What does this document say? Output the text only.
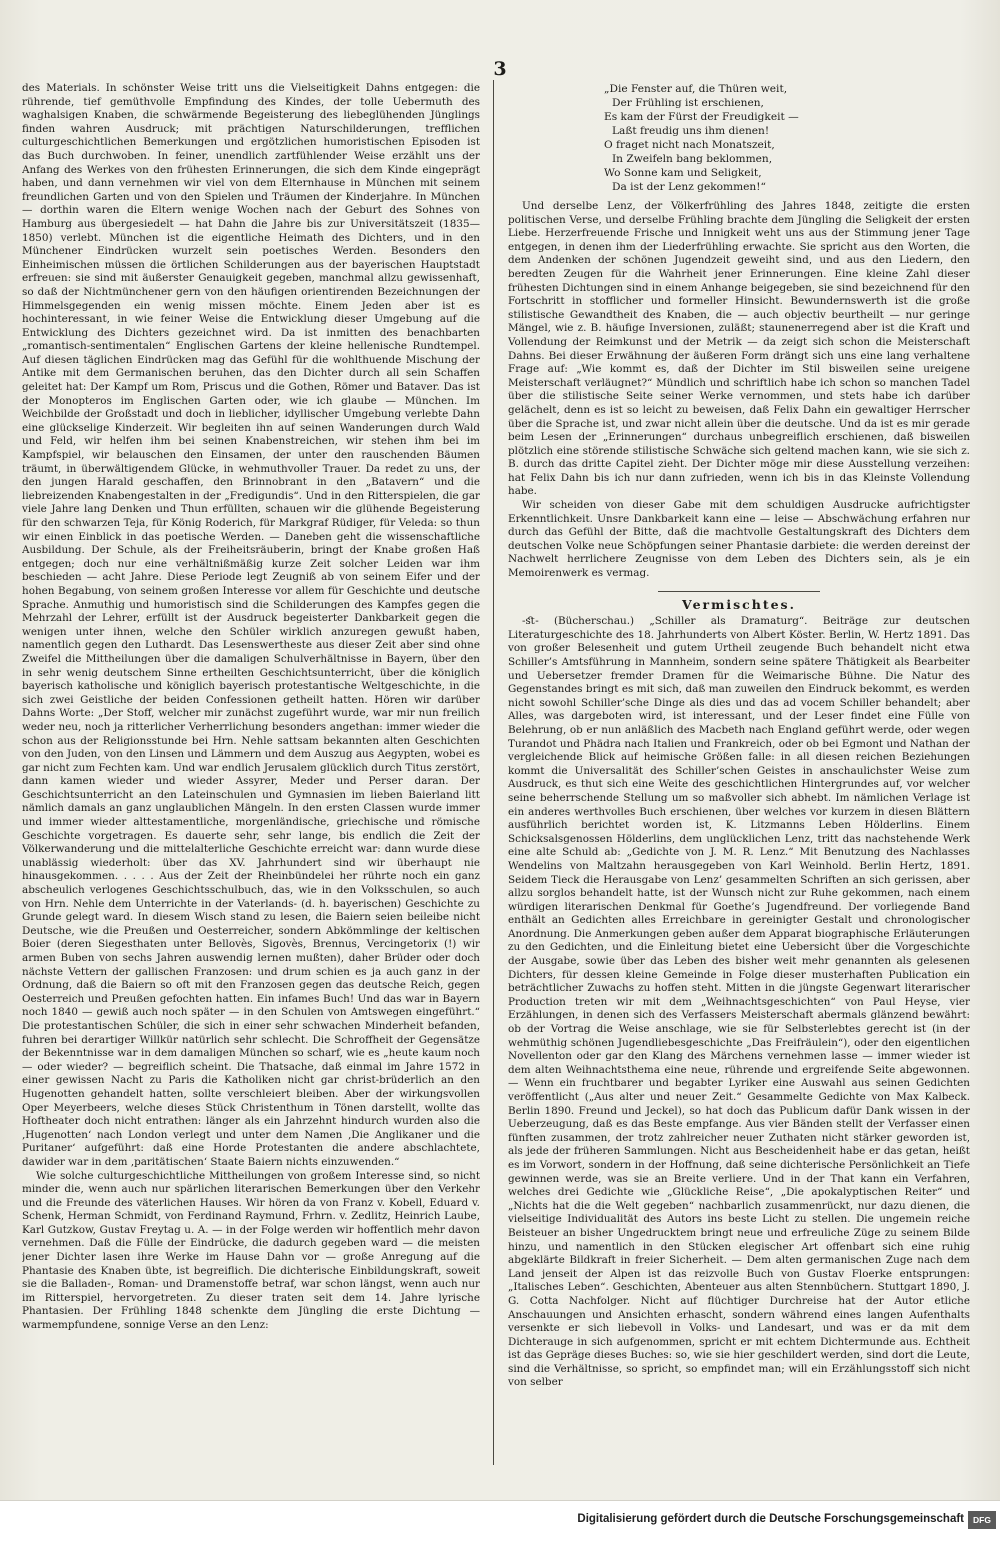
3

des Materials. In schönster Weise tritt uns die Vielseitigkeit Dahns entgegen: die rührende, tief gemüthvolle Empfindung des Kindes, der tolle Uebermuth des waghalsigen Knaben, die schwärmende Begeisterung des liebeglühenden Jünglings finden wahren Ausdruck; mit prächtigen Naturschilderungen, trefflichen culturgeschichtlichen Bemerkungen und ergötzlichen humoristischen Episoden ist das Buch durchwoben. In feiner, unendlich zartfühlender Weise erzählt uns der Anfang des Werkes von den frühesten Erinnerungen, die sich dem Kinde eingeprägt haben, und dann vernehmen wir viel von dem Elternhause in München mit seinem freundlichen Garten und von den Spielen und Träumen der Kinderjahre. In München — dorthin waren die Eltern wenige Wochen nach der Geburt des Sohnes von Hamburg aus übergesiedelt — hat Dahn die Jahre bis zur Universitätszeit (1835—1850) verlebt. München ist die eigentliche Heimath des Dichters, und in den Münchener Eindrücken wurzelt sein poetisches Werden. Besonders den Einheimischen müssen die örtlichen Schilderungen aus der bayerischen Hauptstadt erfreuen: sie sind mit äußerster Genauigkeit gegeben, manchmal allzu gewissenhaft, so daß der Nichtmünchener gern von den häufigen orientirenden Bezeichnungen der Himmelsgegenden ein wenig missen möchte. Einem Jeden aber ist es hochinteressant, in wie feiner Weise die Entwicklung dieser Umgebung auf die Entwicklung des Dichters gezeichnet wird. Da ist inmitten des benachbarten „romantisch-sentimentalen“ Englischen Gartens der kleine hellenische Rundtempel. Auf diesen täglichen Eindrücken mag das Gefühl für die wohlthuende Mischung der Antike mit dem Germanischen beruhen, das den Dichter durch all sein Schaffen geleitet hat: Der Kampf um Rom, Priscus und die Gothen, Römer und Bataver. Das ist der Monopteros im Englischen Garten oder, wie ich glaube — München. Im Weichbilde der Großstadt und doch in lieblicher, idyllischer Umgebung verlebte Dahn eine glückselige Kinderzeit. Wir begleiten ihn auf seinen Wanderungen durch Wald und Feld, wir helfen ihm bei seinen Knabenstreichen, wir stehen ihm bei im Kampfspiel, wir belauschen den Einsamen, der unter den rauschenden Bäumen träumt, in überwältigendem Glücke, in wehmuthvoller Trauer. Da redet zu uns, der den jungen Harald geschaffen, den Brinnobrant in den „Batavern“ und die liebreizenden Knabengestalten in der „Fredigundis“. Und in den Ritterspielen, die gar viele Jahre lang Denken und Thun erfüllten, schauen wir die glühende Begeisterung für den schwarzen Teja, für König Roderich, für Markgraf Rüdiger, für Veleda: so thun wir einen Einblick in das poetische Werden. — Daneben geht die wissenschaftliche Ausbildung. Der Schule, als der Freiheitsräuberin, bringt der Knabe großen Haß entgegen; doch nur eine verhältnißmäßig kurze Zeit solcher Leiden war ihm beschieden — acht Jahre. Diese Periode legt Zeugniß ab von seinem Eifer und der hohen Begabung, von seinem großen Interesse vor allem für Geschichte und deutsche Sprache. Anmuthig und humoristisch sind die Schilderungen des Kampfes gegen die Mehrzahl der Lehrer, erfüllt ist der Ausdruck begeisterter Dankbarkeit gegen die wenigen unter ihnen, welche den Schüler wirklich anzuregen gewußt haben, namentlich gegen den Luthardt. Das Lesenswertheste aus dieser Zeit aber sind ohne Zweifel die Mittheilungen über die damaligen Schulverhältnisse in Bayern, über den in sehr wenig deutschem Sinne ertheilten Geschichtsunterricht, über die königlich bayerisch katholische und königlich bayerisch protestantische Weltgeschichte, in die sich zwei Geistliche der beiden Confessionen getheilt hatten. Hören wir darüber Dahns Worte: „Der Stoff, welcher mir zunächst zugeführt wurde, war mir nun freilich weder neu, noch ja ritterlicher Verherrlichung besonders angethan: immer wieder die schon aus der Religionsstunde bei Hrn. Nehle sattsam bekannten alten Geschichten von den Juden, von den Linsen und Lämmern und dem Auszug aus Aegypten, wobei es gar nicht zum Fechten kam. Und war endlich Jerusalem glücklich durch Titus zerstört, dann kamen wieder und wieder Assyrer, Meder und Perser daran. Der Geschichtsunterricht an den Lateinschulen und Gymnasien im lieben Baierland litt nämlich damals an ganz unglaublichen Mängeln. In den ersten Classen wurde immer und immer wieder alttestamentliche, morgenländische, griechische und römische Geschichte vorgetragen. Es dauerte sehr, sehr lange, bis endlich die Zeit der Völkerwanderung und die mittelalterliche Geschichte erreicht war: dann wurde diese unablässig wiederholt: über das XV. Jahrhundert sind wir überhaupt nie hinausgekommen. . . . . Aus der Zeit der Rheinbündelei her rührte noch ein ganz abscheulich verlogenes Geschichtsschulbuch, das, wie in den Volksschulen, so auch von Hrn. Nehle dem Unterrichte in der Vaterlands- (d. h. bayerischen) Geschichte zu Grunde gelegt ward. In diesem Wisch stand zu lesen, die Baiern seien beileibe nicht Deutsche, wie die Preußen und Oesterreicher, sondern Abkömmlinge der keltischen Boier (deren Siegesthaten unter Bellovès, Sigovès, Brennus, Vercingetorix (!) wir armen Buben von sechs Jahren auswendig lernen mußten), daher Brüder oder doch nächste Vettern der gallischen Franzosen: und drum schien es ja auch ganz in der Ordnung, daß die Baiern so oft mit den Franzosen gegen das deutsche Reich, gegen Oesterreich und Preußen gefochten hatten. Ein infames Buch! Und das war in Bayern noch 1840 — gewiß auch noch später — in den Schulen von Amtswegen eingeführt.“ Die protestantischen Schüler, die sich in einer sehr schwachen Minderheit befanden, fuhren bei derartiger Willkür natürlich sehr schlecht. Die Schroffheit der Gegensätze der Bekenntnisse war in dem damaligen München so scharf, wie es „heute kaum noch — oder wieder? — begreiflich scheint. Die Thatsache, daß einmal im Jahre 1572 in einer gewissen Nacht zu Paris die Katholiken nicht gar christ-brüderlich an den Hugenotten gehandelt hatten, sollte verschleiert bleiben. Aber der wirkungsvollen Oper Meyerbeers, welche dieses Stück Christenthum in Tönen darstellt, wollte das Hoftheater doch nicht entrathen: länger als ein Jahrzehnt hindurch wurden also die ‚Hugenotten‘ nach London verlegt und unter dem Namen ‚Die Anglikaner und die Puritaner‘ aufgeführt: daß eine Horde Protestanten die andere abschlachtete, dawider war in dem ‚paritätischen‘ Staate Baiern nichts einzuwenden.“

Wie solche culturgeschichtliche Mittheilungen von großem Interesse sind, so nicht minder die, wenn auch nur spärlichen literarischen Bemerkungen über den Verkehr und die Freunde des väterlichen Hauses. Wir hören da von Franz v. Kobell, Eduard v. Schenk, Herman Schmidt, von Ferdinand Raymund, Frhrn. v. Zedlitz, Heinrich Laube, Karl Gutzkow, Gustav Freytag u. A. — in der Folge werden wir hoffentlich mehr davon vernehmen. Daß die Fülle der Eindrücke, die dadurch gegeben ward — die meisten jener Dichter lasen ihre Werke im Hause Dahn vor — große Anregung auf die Phantasie des Knaben übte, ist begreiflich. Die dichterische Einbildungskraft, soweit sie die Balladen-, Roman- und Dramenstoffe betraf, war schon längst, wenn auch nur im Ritterspiel, hervorgetreten. Zu dieser traten seit dem 14. Jahre lyrische Phantasien. Der Frühling 1848 schenkte dem Jüngling die erste Dichtung — warmempfundene, sonnige Verse an den Lenz:

„Die Fenster auf, die Thüren weit,
Der Frühling ist erschienen,
Es kam der Fürst der Freudigkeit —
Laßt freudig uns ihm dienen!
O fraget nicht nach Monatszeit,
In Zweifeln bang beklommen,
Wo Sonne kam und Seligkeit,
Da ist der Lenz gekommen!“

Und derselbe Lenz, der Völkerfrühling des Jahres 1848, zeitigte die ersten politischen Verse, und derselbe Frühling brachte dem Jüngling die Seligkeit der ersten Liebe. Herzerfreuende Frische und Innigkeit weht uns aus der Stimmung jener Tage entgegen, in denen ihm der Liederfrühling erwachte. Sie spricht aus den Worten, die dem Andenken der schönen Jugendzeit geweiht sind, und aus den Liedern, den beredten Zeugen für die Wahrheit jener Erinnerungen. Eine kleine Zahl dieser frühesten Dichtungen sind in einem Anhange beigegeben, sie sind bezeichnend für den Fortschritt in stofflicher und formeller Hinsicht. Bewundernswerth ist die große stilistische Gewandtheit des Knaben, die — auch objectiv beurtheilt — nur geringe Mängel, wie z. B. häufige Inversionen, zuläßt; staunenerregend aber ist die Kraft und Vollendung der Reimkunst und der Metrik — da zeigt sich schon die Meisterschaft Dahns. Bei dieser Erwähnung der äußeren Form drängt sich uns eine lang verhaltene Frage auf: „Wie kommt es, daß der Dichter im Stil bisweilen seine ureigene Meisterschaft verläugnet?“ Mündlich und schriftlich habe ich schon so manchen Tadel über die stilistische Seite seiner Werke vernommen, und stets habe ich darüber gelächelt, denn es ist so leicht zu beweisen, daß Felix Dahn ein gewaltiger Herrscher über die Sprache ist, und zwar nicht allein über die deutsche. Und da ist es mir gerade beim Lesen der „Erinnerungen“ durchaus unbegreiflich erschienen, daß bisweilen plötzlich eine störende stilistische Schwäche sich geltend machen kann, wie sie sich z. B. durch das dritte Capitel zieht. Der Dichter möge mir diese Ausstellung verzeihen: hat Felix Dahn bis ich nur dann zufrieden, wenn ich bis in das Kleinste Vollendung habe.

Wir scheiden von dieser Gabe mit dem schuldigen Ausdrucke aufrichtigster Erkenntlichkeit. Unsre Dankbarkeit kann eine — leise — Abschwächung erfahren nur durch das Gefühl der Bitte, daß die machtvolle Gestaltungskraft des Dichters dem deutschen Volke neue Schöpfungen seiner Phantasie darbiete: die werden dereinst der Nachwelt herrlichere Zeugnisse von dem Leben des Dichters sein, als je ein Memoirenwerk es vermag.

Vermischtes.

-ﬆ- (Bücherschau.) „Schiller als Dramaturg“. Beiträge zur deutschen Literaturgeschichte des 18. Jahrhunderts von Albert Köster. Berlin, W. Hertz 1891. Das von großer Belesenheit und gutem Urtheil zeugende Buch behandelt nicht etwa Schiller’s Amtsführung in Mannheim, sondern seine spätere Thätigkeit als Bearbeiter und Uebersetzer fremder Dramen für die Weimarische Bühne. Die Natur des Gegenstandes bringt es mit sich, daß man zuweilen den Eindruck bekommt, es werden nicht sowohl Schiller’sche Dinge als dies und das ad vocem Schiller behandelt; aber Alles, was dargeboten wird, ist interessant, und der Leser findet eine Fülle von Belehrung, ob er nun anläßlich des Macbeth nach England geführt werde, oder wegen Turandot und Phädra nach Italien und Frankreich, oder ob bei Egmont und Nathan der vergleichende Blick auf heimische Größen falle: in all diesen reichen Beziehungen kommt die Universalität des Schiller’schen Geistes in anschaulichster Weise zum Ausdruck, es thut sich eine Weite des geschichtlichen Hintergrundes auf, vor welcher seine beherrschende Stellung um so maßvoller sich abhebt. Im nämlichen Verlage ist ein anderes werthvolles Buch erschienen, über welches vor kurzem in diesen Blättern ausführlich berichtet worden ist, K. Litzmanns Leben Hölderlins. Einem Schicksalsgenossen Hölderlins, dem unglücklichen Lenz, tritt das nachstehende Werk eine alte Schuld ab: „Gedichte von J. M. R. Lenz.“ Mit Benutzung des Nachlasses Wendelins von Maltzahn herausgegeben von Karl Weinhold. Berlin Hertz, 1891. Seidem Tieck die Herausgabe von Lenz’ gesammelten Schriften an sich gerissen, aber allzu sorglos behandelt hatte, ist der Wunsch nicht zur Ruhe gekommen, nach einem würdigen literarischen Denkmal für Goethe’s Jugendfreund. Der vorliegende Band enthält an Gedichten alles Erreichbare in gereinigter Gestalt und chronologischer Anordnung. Die Anmerkungen geben außer dem Apparat biographische Erläuterungen zu den Gedichten, und die Einleitung bietet eine Uebersicht über die Vorgeschichte der Ausgabe, sowie über das Leben des bisher weit mehr genannten als gelesenen Dichters, für dessen kleine Gemeinde in Folge dieser musterhaften Publication ein beträchtlicher Zuwachs zu hoffen steht. Mitten in die jüngste Gegenwart literarischer Production treten wir mit dem „Weihnachtsgeschichten“ von Paul Heyse, vier Erzählungen, in denen sich des Verfassers Meisterschaft abermals glänzend bewährt: ob der Vortrag die Weise anschlage, wie sie für Selbsterlebtes gerecht ist (in der wehmüthig schönen Jugendliebesgeschichte „Das Freifräulein“), oder den eigentlichen Novellenton oder gar den Klang des Märchens vernehmen lasse — immer wieder ist dem alten Weihnachtsthema eine neue, rührende und ergreifende Seite abgewonnen. — Wenn ein fruchtbarer und begabter Lyriker eine Auswahl aus seinen Gedichten veröffentlicht („Aus alter und neuer Zeit.“ Gesammelte Gedichte von Max Kalbeck. Berlin 1890. Freund und Jeckel), so hat doch das Publicum dafür Dank wissen in der Ueberzeugung, daß es das Beste empfange. Aus vier Bänden stellt der Verfasser einen fünften zusammen, der trotz zahlreicher neuer Zuthaten nicht stärker geworden ist, als jede der früheren Sammlungen. Nicht aus Bescheidenheit habe er das getan, heißt es im Vorwort, sondern in der Hoffnung, daß seine dichterische Persönlichkeit an Tiefe gewinnen werde, was sie an Breite verliere. Und in der That kann ein Verfahren, welches drei Gedichte wie „Glückliche Reise“, „Die apokalyptischen Reiter“ und „Nichts hat die die Welt gegeben“ nachbarlich zusammenrückt, nur dazu dienen, die vielseitige Individualität des Autors ins beste Licht zu stellen. Die ungemein reiche Beisteuer an bisher Ungedrucktem bringt neue und erfreuliche Züge zu seinem Bilde hinzu, und namentlich in den Stücken elegischer Art offenbart sich eine ruhig abgeklärte Bildkraft in freier Sicherheit. — Dem alten germanischen Zuge nach dem Land jenseit der Alpen ist das reizvolle Buch von Gustav Floerke entsprungen: „Italisches Leben“. Geschichten, Abenteuer aus alten Stennbüchern. Stuttgart 1890, J. G. Cotta Nachfolger. Nicht auf flüchtiger Durchreise hat der Autor etliche Anschauungen und Ansichten erhascht, sondern während eines langen Aufenthalts versenkte er sich liebevoll in Volks- und Landesart, und was er da mit dem Dichterauge in sich aufgenommen, spricht er mit echtem Dichtermunde aus. Echtheit ist das Gepräge dieses Buches: so, wie sie hier geschildert werden, sind dort die Leute, sind die Verhältnisse, so spricht, so empfindet man; will ein Erzählungsstoff sich nicht von selber

Digitalisierung gefördert durch die Deutsche Forschungsgemeinschaft	DFG
